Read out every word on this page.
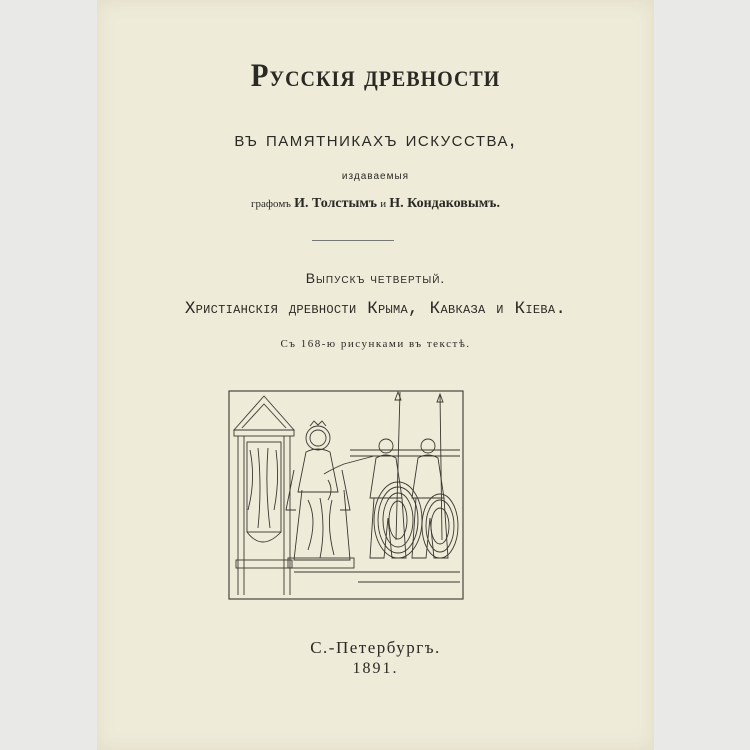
Русскія древности
въ памятникахъ искусства,
издаваемыя
графомъ И. Толстымъ и Н. Кондаковымъ.
Выпускъ четвертый.
Христіанскія древности Крыма, Кавказа и Кіева.
Съ 168-ю рисунками въ текстѣ.
С.-Петербургъ.
1891.
